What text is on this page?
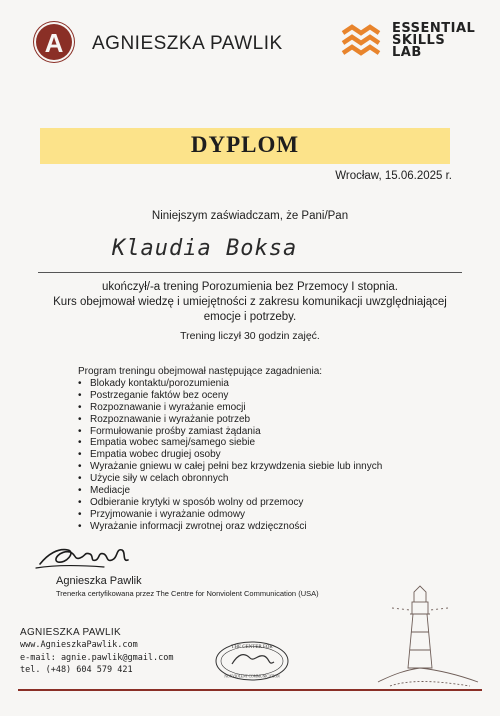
A AGNIESZKA PAWLIK
ESSENTIAL
SKILLS
LAB
DYPLOM
Wrocław, 15.06.2025 r.
Niniejszym zaświadczam, że Pani/Pan
Klaudia Boksa
ukończył/-a trening Porozumienia bez Przemocy I stopnia.
Kurs obejmował wiedzę i umiejętności z zakresu komunikacji uwzględniającej
emocje i potrzeby.
Trening liczył 30 godzin zajęć.
Program treningu obejmował następujące zagadnienia:
• Blokady kontaktu/porozumienia
• Postrzeganie faktów bez oceny
• Rozpoznawanie i wyrażanie emocji
• Rozpoznawanie i wyrażanie potrzeb
• Formułowanie prośby zamiast żądania
• Empatia wobec samej/samego siebie
• Empatia wobec drugiej osoby
• Wyrażanie gniewu w całej pełni bez krzywdzenia siebie lub innych
• Użycie siły w celach obronnych
• Mediacje
• Odbieranie krytyki w sposób wolny od przemocy
• Przyjmowanie i wyrażanie odmowy
• Wyrażanie informacji zwrotnej oraz wdzięczności
Agnieszka Pawlik
Trenerka certyfikowana przez The Centre for Nonviolent Communication (USA)
AGNIESZKA PAWLIK
www.AgnieszkaPawlik.com
e-mail: agnie.pawlik@gmail.com
tel. (+48) 604 579 421
THE CENTER FOR
NONVIOLENT COMMUNICATION
